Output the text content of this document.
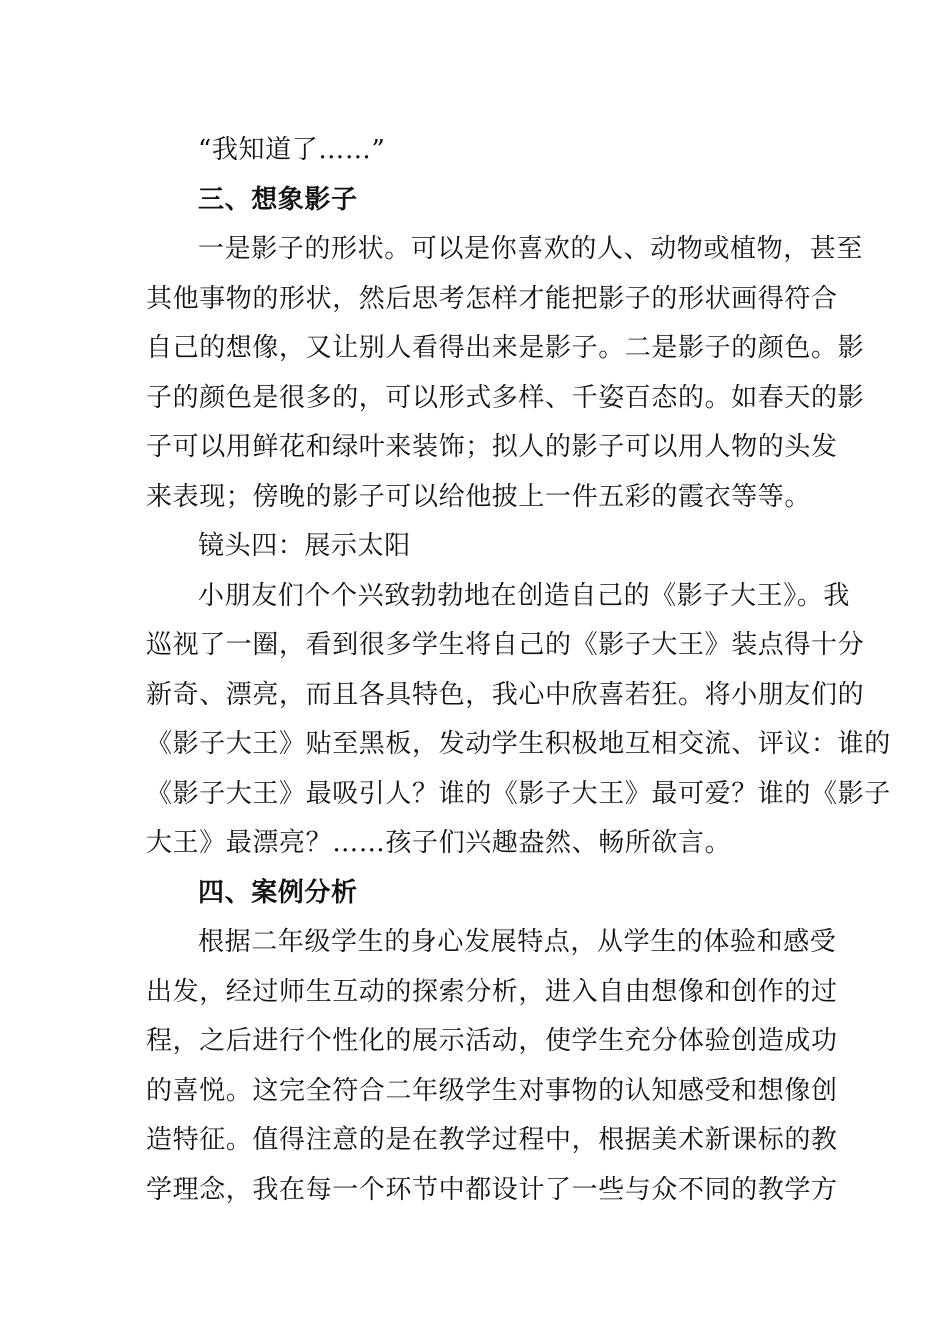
“我知道了……”
三、想象影子
一是影子的形状。可以是你喜欢的人、动物或植物，甚至
其他事物的形状，然后思考怎样才能把影子的形状画得符合
自己的想像，又让别人看得出来是影子。二是影子的颜色。影
子的颜色是很多的，可以形式多样、千姿百态的。如春天的影
子可以用鲜花和绿叶来装饰；拟人的影子可以用人物的头发
来表现；傍晚的影子可以给他披上一件五彩的霞衣等等。
镜头四：展示太阳
小朋友们个个兴致勃勃地在创造自己的《影子大王》。我
巡视了一圈，看到很多学生将自己的《影子大王》装点得十分
新奇、漂亮，而且各具特色，我心中欣喜若狂。将小朋友们的
《影子大王》贴至黑板，发动学生积极地互相交流、评议：谁的
《影子大王》最吸引人？谁的《影子大王》最可爱？谁的《影子
大王》最漂亮？……孩子们兴趣盎然、畅所欲言。
四、案例分析
根据二年级学生的身心发展特点，从学生的体验和感受
出发，经过师生互动的探索分析，进入自由想像和创作的过
程，之后进行个性化的展示活动，使学生充分体验创造成功
的喜悦。这完全符合二年级学生对事物的认知感受和想像创
造特征。值得注意的是在教学过程中，根据美术新课标的教
学理念，我在每一个环节中都设计了一些与众不同的教学方
